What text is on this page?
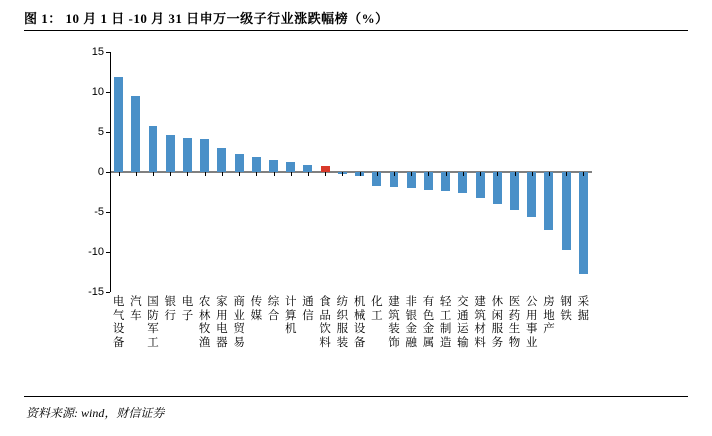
图 1： 10 月 1 日 -10 月 31 日申万一级子行业涨跌幅榜（%）
-15
-10
-5
0
5
10
15
电气设备
汽车
国防军工
银行
电子
农林牧渔
家用电器
商业贸易
传媒
综合
计算机
通信
食品饮料
纺织服装
机械设备
化工
建筑装饰
非银金融
有色金属
轻工制造
交通运输
建筑材料
休闲服务
医药生物
公用事业
房地产
钢铁
采掘
资料来源: wind，财信证券
